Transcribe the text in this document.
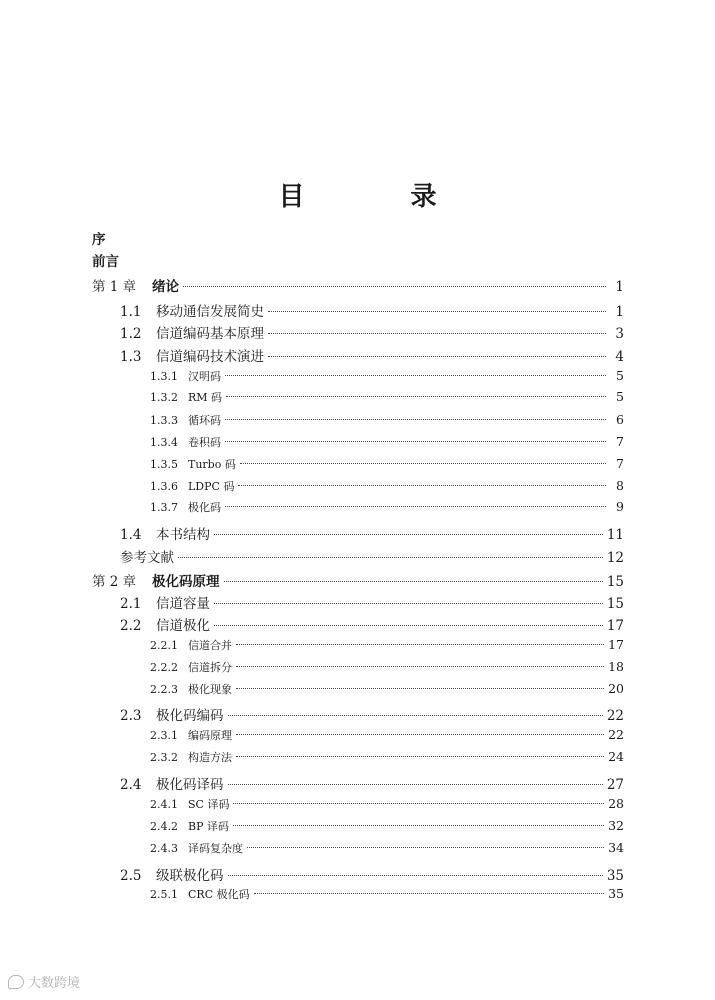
目　录
序
前言
第 1 章	绪论	1
1.1	移动通信发展简史	1
1.2	信道编码基本原理	3
1.3	信道编码技术演进	4
1.3.1 汉明码	5
1.3.2 RM 码	5
1.3.3 循环码	6
1.3.4 卷积码	7
1.3.5 Turbo 码	7
1.3.6 LDPC 码	8
1.3.7 极化码	9
1.4	本书结构	11
参考文献	12
第 2 章	极化码原理	15
2.1	信道容量	15
2.2	信道极化	17
2.2.1 信道合并	17
2.2.2 信道拆分	18
2.2.3 极化现象	20
2.3	极化码编码	22
2.3.1 编码原理	22
2.3.2 构造方法	24
2.4	极化码译码	27
2.4.1 SC 译码	28
2.4.2 BP 译码	32
2.4.3 译码复杂度	34
2.5	级联极化码	35
2.5.1 CRC 极化码	35
大数跨境
